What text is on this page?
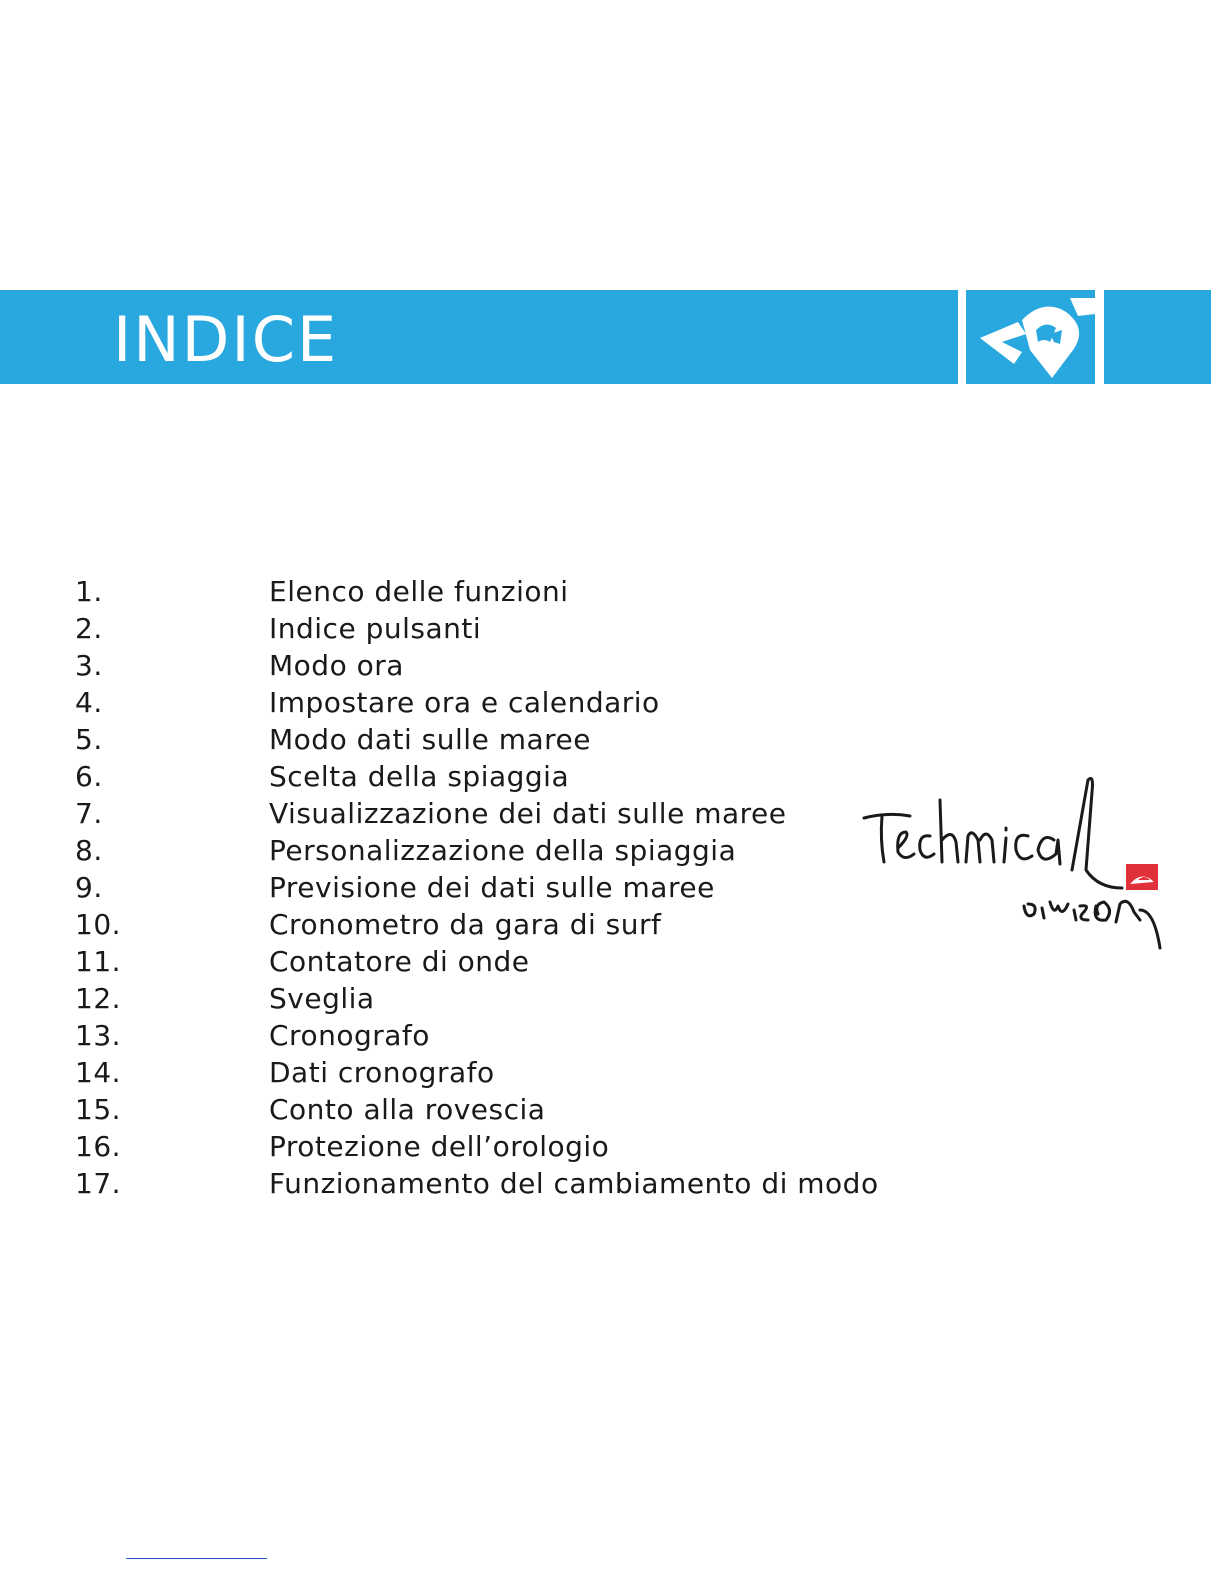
INDICE
1.	Elenco delle funzioni
2.	Indice pulsanti
3.	Modo ora
4.	Impostare ora e calendario
5.	Modo dati sulle maree
6.	Scelta della spiaggia
7.	Visualizzazione dei dati sulle maree
8.	Personalizzazione della spiaggia
9.	Previsione dei dati sulle maree
10.	Cronometro da gara di surf
11.	Contatore di onde
12.	Sveglia
13.	Cronografo
14.	Dati cronografo
15.	Conto alla rovescia
16.	Protezione dell’orologio
17.	Funzionamento del cambiamento di modo
